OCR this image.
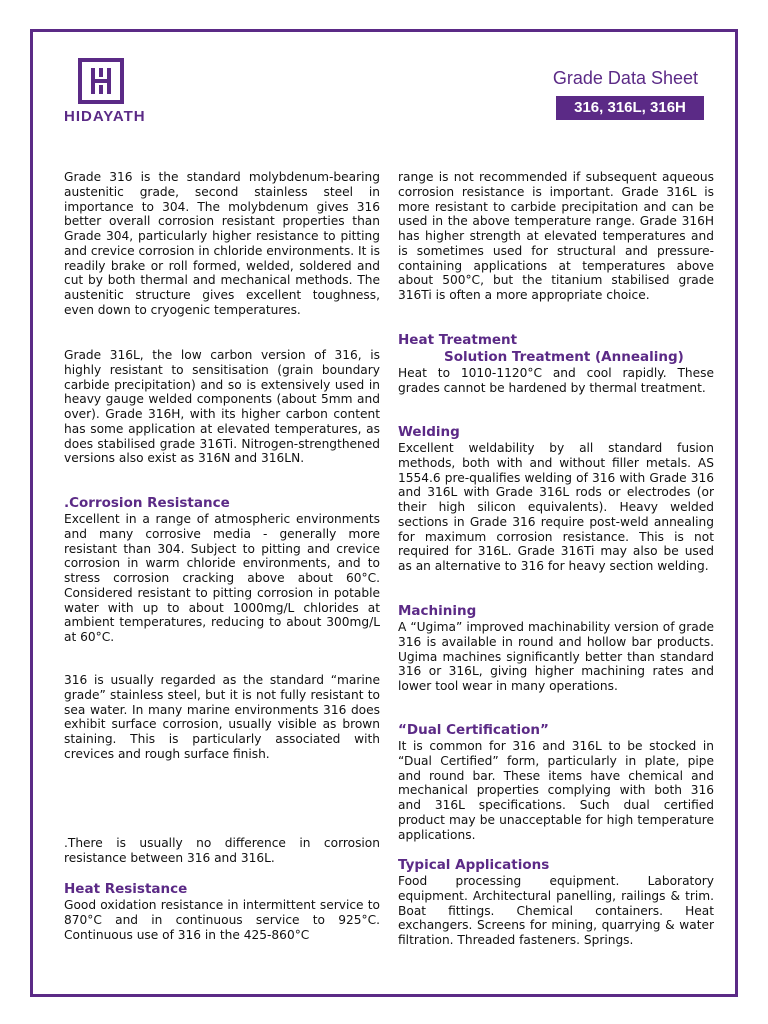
HIDAYATH
Grade Data Sheet
316, 316L, 316H

Grade 316 is the standard molybdenum-bearing austenitic grade, second stainless steel in importance to 304. The molybdenum gives 316 better overall corrosion resistant properties than Grade 304, particularly higher resistance to pitting and crevice corrosion in chloride environments. It is readily brake or roll formed, welded, soldered and cut by both thermal and mechanical methods. The austenitic structure gives excellent toughness, even down to cryogenic temperatures.

Grade 316L, the low carbon version of 316, is highly resistant to sensitisation (grain boundary carbide precipitation) and so is extensively used in heavy gauge welded components (about 5mm and over). Grade 316H, with its higher carbon content has some application at elevated temperatures, as does stabilised grade 316Ti. Nitrogen-strengthened versions also exist as 316N and 316LN.

.Corrosion Resistance

Excellent in a range of atmospheric environments and many corrosive media - generally more resistant than 304. Subject to pitting and crevice corrosion in warm chloride environments, and to stress corrosion cracking above about 60°C. Considered resistant to pitting corrosion in potable water with up to about 1000mg/L chlorides at ambient temperatures, reducing to about 300mg/L at 60°C.

316 is usually regarded as the standard “marine grade” stainless steel, but it is not fully resistant to sea water. In many marine environments 316 does exhibit surface corrosion, usually visible as brown staining. This is particularly associated with crevices and rough surface finish.

.There is usually no difference in corrosion resistance between 316 and 316L.

Heat Resistance

Good oxidation resistance in intermittent service to 870°C and in continuous service to 925°C. Continuous use of 316 in the 425-860°C

range is not recommended if subsequent aqueous corrosion resistance is important. Grade 316L is more resistant to carbide precipitation and can be used in the above temperature range. Grade 316H has higher strength at elevated temperatures and is sometimes used for structural and pressure-containing applications at temperatures above about 500°C, but the titanium stabilised grade 316Ti is often a more appropriate choice.

Heat Treatment
Solution Treatment (Annealing)

Heat to 1010-1120°C and cool rapidly. These grades cannot be hardened by thermal treatment.

Welding

Excellent weldability by all standard fusion methods, both with and without filler metals. AS 1554.6 pre-qualifies welding of 316 with Grade 316 and 316L with Grade 316L rods or electrodes (or their high silicon equivalents). Heavy welded sections in Grade 316 require post-weld annealing for maximum corrosion resistance. This is not required for 316L. Grade 316Ti may also be used as an alternative to 316 for heavy section welding.

Machining

A “Ugima” improved machinability version of grade 316 is available in round and hollow bar products. Ugima machines significantly better than standard 316 or 316L, giving higher machining rates and lower tool wear in many operations.

“Dual Certification”

It is common for 316 and 316L to be stocked in “Dual Certified” form, particularly in plate, pipe and round bar. These items have chemical and mechanical properties complying with both 316 and 316L specifications. Such dual certified product may be unacceptable for high temperature applications.

Typical Applications

Food processing equipment. Laboratory equipment. Architectural panelling, railings & trim. Boat fittings. Chemical containers. Heat exchangers. Screens for mining, quarrying & water filtration. Threaded fasteners. Springs.
